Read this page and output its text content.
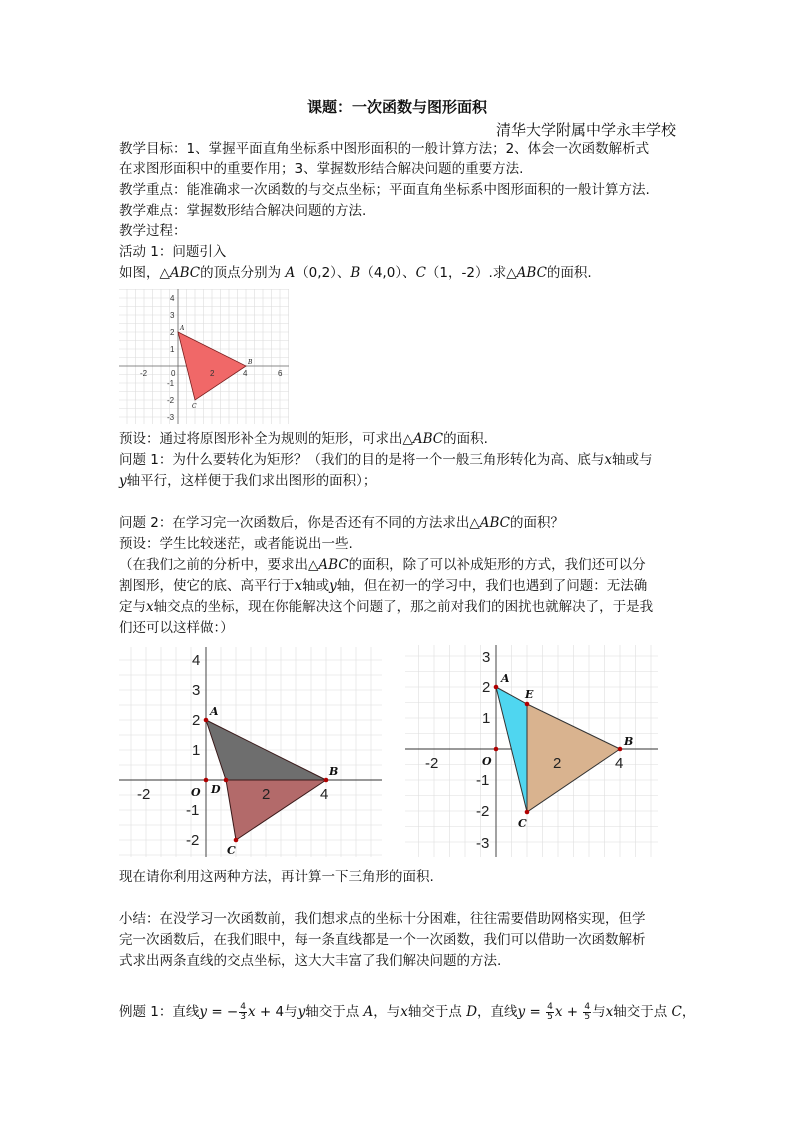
课题：一次函数与图形面积
清华大学附属中学永丰学校
教学目标：1、掌握平面直角坐标系中图形面积的一般计算方法；2、体会一次函数解析式
在求图形面积中的重要作用；3、掌握数形结合解决问题的重要方法.
教学重点：能准确求一次函数的与交点坐标；平面直角坐标系中图形面积的一般计算方法.
教学难点：掌握数形结合解决问题的方法.
教学过程：
活动 1：问题引入
如图，△ABC的顶点分别为 A（0,2）、B（4,0）、C（1，-2）.求△ABC的面积.
-2	2	4	6
4
3
2
1
-1
-2
-3
0
A
B
C
预设：通过将原图形补全为规则的矩形，可求出△ABC的面积.
问题 1：为什么要转化为矩形？（我们的目的是将一个一般三角形转化为高、底与x轴或与
y轴平行，这样便于我们求出图形的面积）；
问题 2：在学习完一次函数后，你是否还有不同的方法求出△ABC的面积？
预设：学生比较迷茫，或者能说出一些.
（在我们之前的分析中，要求出△ABC的面积，除了可以补成矩形的方式，我们还可以分
割图形，使它的底、高平行于x轴或y轴，但在初一的学习中，我们也遇到了问题：无法确
定与x轴交点的坐标，现在你能解决这个问题了，那之前对我们的困扰也就解决了，于是我
们还可以这样做：）
-2	2	4
4
3
2
1
-1
-2
O
A
B
C
D
-2	2	4
3
2
1
-1
-2
-3
O
A
B
C
E
现在请你利用这两种方法，再计算一下三角形的面积.
小结：在没学习一次函数前，我们想求点的坐标十分困难，往往需要借助网格实现，但学
完一次函数后，在我们眼中，每一条直线都是一个一次函数，我们可以借助一次函数解析
式求出两条直线的交点坐标，这大大丰富了我们解决问题的方法.
例题 1：直线y = − $\frac{4}{3}$ x + 4与y轴交于点 A，与x轴交于点 D，直线$y = \frac{4}{5}$ $x + \frac{4}{5}$ 与x轴交于点 C，
